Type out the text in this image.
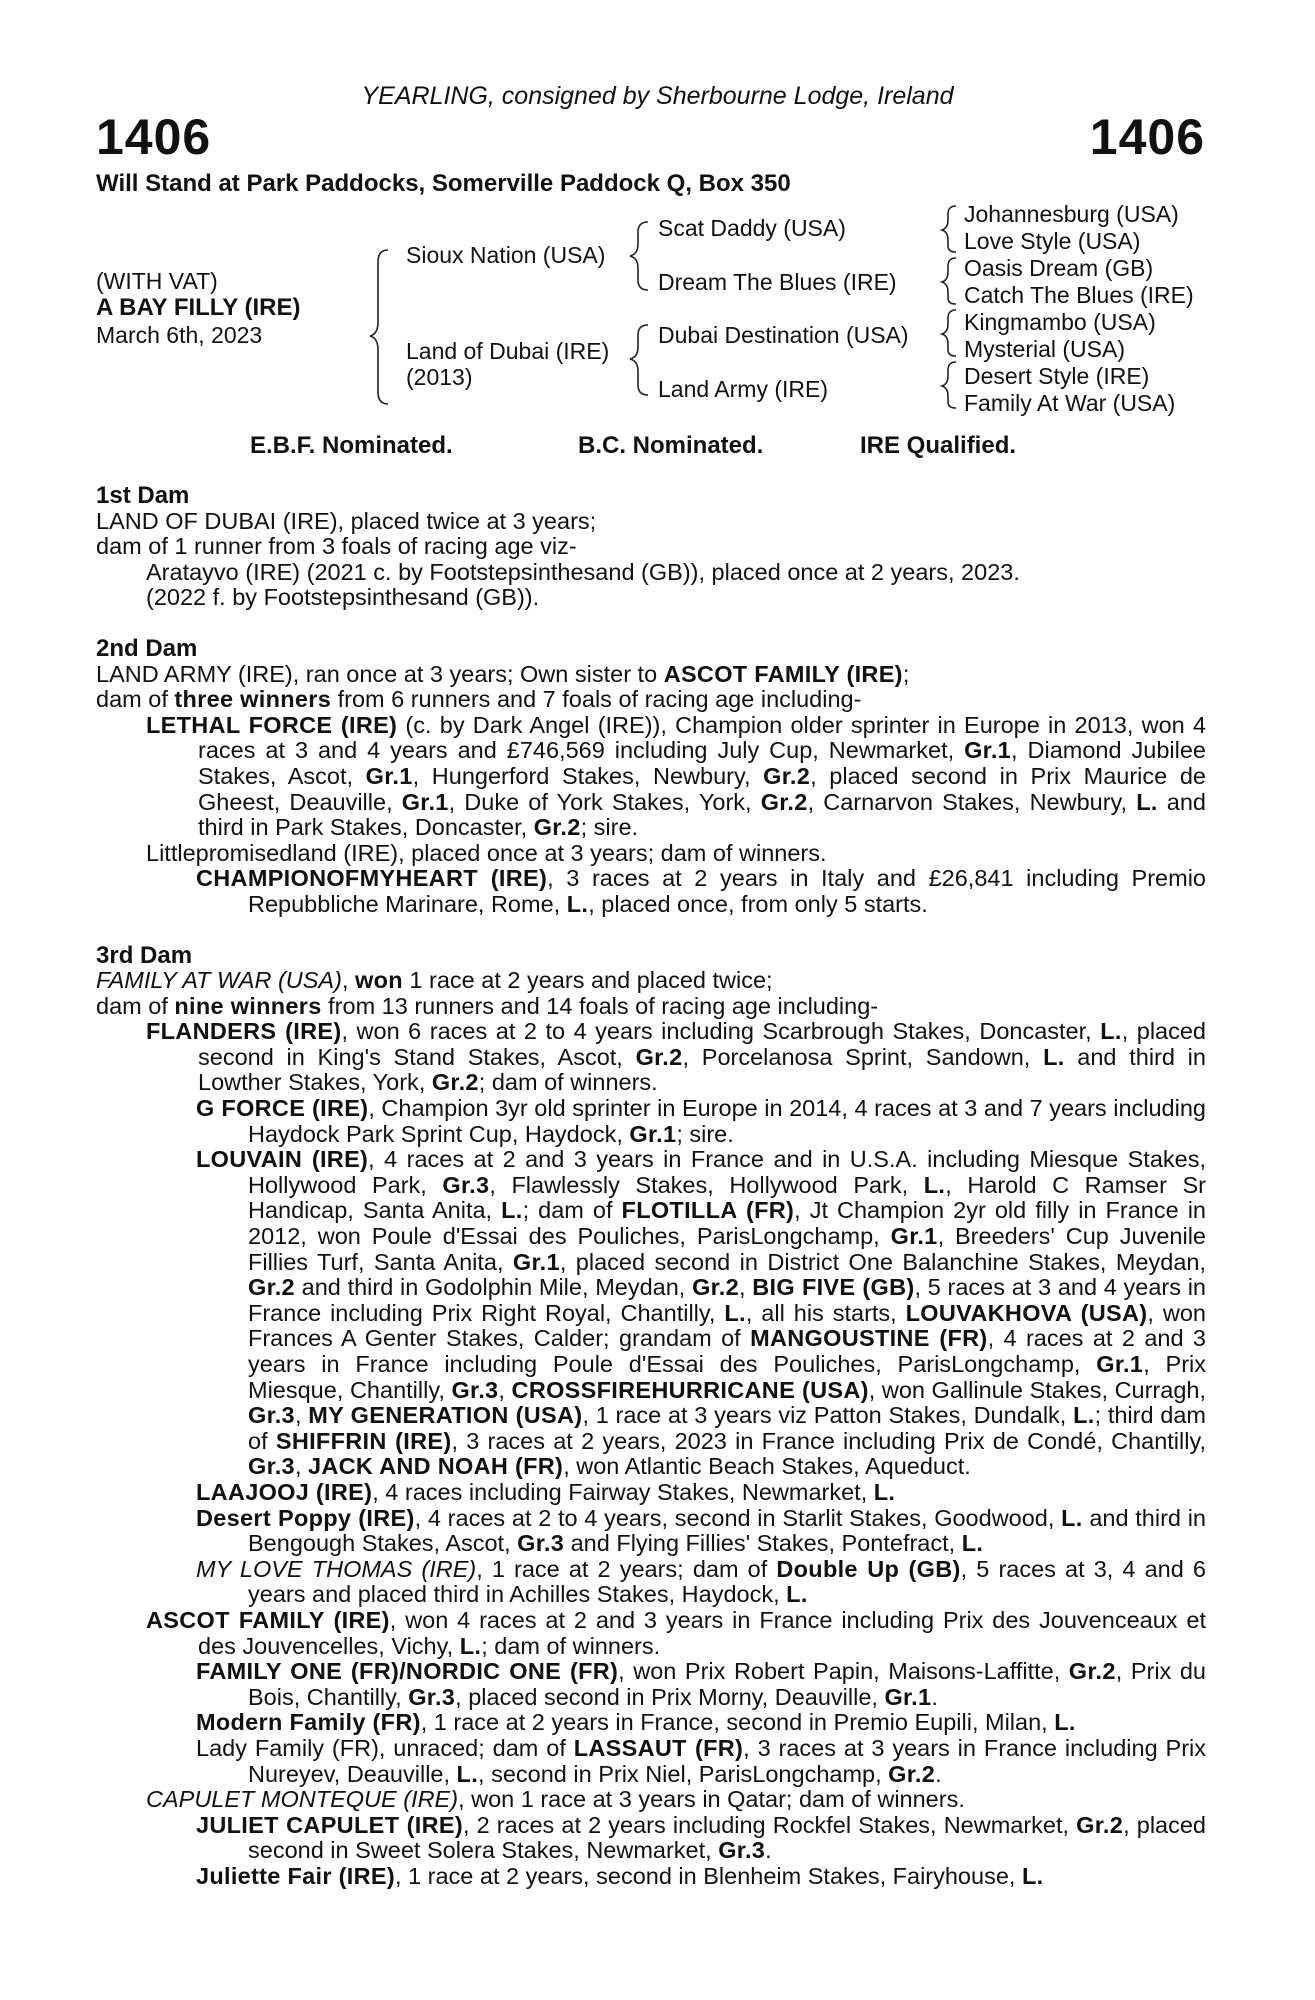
YEARLING, consigned by Sherbourne Lodge, Ireland
1406	1406
Will Stand at Park Paddocks, Somerville Paddock Q, Box 350
(WITH VAT)
A BAY FILLY (IRE)
March 6th, 2023
Sioux Nation (USA)
Land of Dubai (IRE)
(2013)
Scat Daddy (USA)
Dream The Blues (IRE)
Dubai Destination (USA)
Land Army (IRE)
Johannesburg (USA)
Love Style (USA)
Oasis Dream (GB)
Catch The Blues (IRE)
Kingmambo (USA)
Mysterial (USA)
Desert Style (IRE)
Family At War (USA)
E.B.F. Nominated.	B.C. Nominated.	IRE Qualified.
1st Dam
LAND OF DUBAI (IRE), placed twice at 3 years;
dam of 1 runner from 3 foals of racing age viz-
Aratayvo (IRE) (2021 c. by Footstepsinthesand (GB)), placed once at 2 years, 2023.
(2022 f. by Footstepsinthesand (GB)).
2nd Dam
LAND ARMY (IRE), ran once at 3 years; Own sister to ASCOT FAMILY (IRE);
dam of three winners from 6 runners and 7 foals of racing age including-
LETHAL FORCE (IRE) (c. by Dark Angel (IRE)), Champion older sprinter in Europe in 2013, won 4 races at 3 and 4 years and £746,569 including July Cup, Newmarket, Gr.1, Diamond Jubilee Stakes, Ascot, Gr.1, Hungerford Stakes, Newbury, Gr.2, placed second in Prix Maurice de Gheest, Deauville, Gr.1, Duke of York Stakes, York, Gr.2, Carnarvon Stakes, Newbury, L. and third in Park Stakes, Doncaster, Gr.2; sire.
Littlepromisedland (IRE), placed once at 3 years; dam of winners.
CHAMPIONOFMYHEART (IRE), 3 races at 2 years in Italy and £26,841 including Premio Repubbliche Marinare, Rome, L., placed once, from only 5 starts.
3rd Dam
FAMILY AT WAR (USA), won 1 race at 2 years and placed twice;
dam of nine winners from 13 runners and 14 foals of racing age including-
FLANDERS (IRE), won 6 races at 2 to 4 years including Scarbrough Stakes, Doncaster, L., placed second in King's Stand Stakes, Ascot, Gr.2, Porcelanosa Sprint, Sandown, L. and third in Lowther Stakes, York, Gr.2; dam of winners.
G FORCE (IRE), Champion 3yr old sprinter in Europe in 2014, 4 races at 3 and 7 years including Haydock Park Sprint Cup, Haydock, Gr.1; sire.
LOUVAIN (IRE), 4 races at 2 and 3 years in France and in U.S.A. including Miesque Stakes, Hollywood Park, Gr.3, Flawlessly Stakes, Hollywood Park, L., Harold C Ramser Sr Handicap, Santa Anita, L.; dam of FLOTILLA (FR), Jt Champion 2yr old filly in France in 2012, won Poule d'Essai des Pouliches, ParisLongchamp, Gr.1, Breeders' Cup Juvenile Fillies Turf, Santa Anita, Gr.1, placed second in District One Balanchine Stakes, Meydan, Gr.2 and third in Godolphin Mile, Meydan, Gr.2, BIG FIVE (GB), 5 races at 3 and 4 years in France including Prix Right Royal, Chantilly, L., all his starts, LOUVAKHOVA (USA), won Frances A Genter Stakes, Calder; grandam of MANGOUSTINE (FR), 4 races at 2 and 3 years in France including Poule d'Essai des Pouliches, ParisLongchamp, Gr.1, Prix Miesque, Chantilly, Gr.3, CROSSFIREHURRICANE (USA), won Gallinule Stakes, Curragh, Gr.3, MY GENERATION (USA), 1 race at 3 years viz Patton Stakes, Dundalk, L.; third dam of SHIFFRIN (IRE), 3 races at 2 years, 2023 in France including Prix de Condé, Chantilly, Gr.3, JACK AND NOAH (FR), won Atlantic Beach Stakes, Aqueduct.
LAAJOOJ (IRE), 4 races including Fairway Stakes, Newmarket, L.
Desert Poppy (IRE), 4 races at 2 to 4 years, second in Starlit Stakes, Goodwood, L. and third in Bengough Stakes, Ascot, Gr.3 and Flying Fillies' Stakes, Pontefract, L.
MY LOVE THOMAS (IRE), 1 race at 2 years; dam of Double Up (GB), 5 races at 3, 4 and 6 years and placed third in Achilles Stakes, Haydock, L.
ASCOT FAMILY (IRE), won 4 races at 2 and 3 years in France including Prix des Jouvenceaux et des Jouvencelles, Vichy, L.; dam of winners.
FAMILY ONE (FR)/NORDIC ONE (FR), won Prix Robert Papin, Maisons-Laffitte, Gr.2, Prix du Bois, Chantilly, Gr.3, placed second in Prix Morny, Deauville, Gr.1.
Modern Family (FR), 1 race at 2 years in France, second in Premio Eupili, Milan, L.
Lady Family (FR), unraced; dam of LASSAUT (FR), 3 races at 3 years in France including Prix Nureyev, Deauville, L., second in Prix Niel, ParisLongchamp, Gr.2.
CAPULET MONTEQUE (IRE), won 1 race at 3 years in Qatar; dam of winners.
JULIET CAPULET (IRE), 2 races at 2 years including Rockfel Stakes, Newmarket, Gr.2, placed second in Sweet Solera Stakes, Newmarket, Gr.3.
Juliette Fair (IRE), 1 race at 2 years, second in Blenheim Stakes, Fairyhouse, L.
